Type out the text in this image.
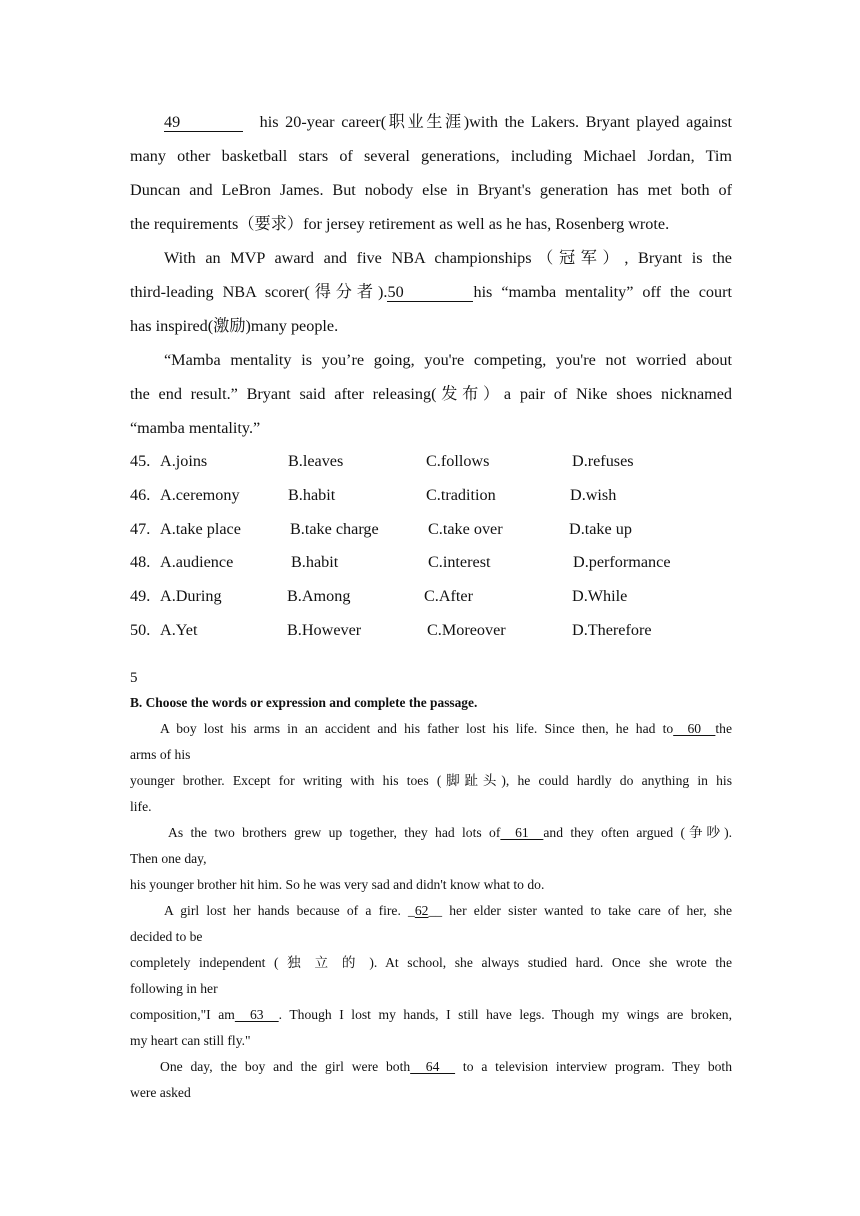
49	his 20-year career(职业生涯)with the Lakers. Bryant played against
many other basketball stars of several generations, including Michael Jordan, Tim
Duncan and LeBron James. But nobody else in Bryant's generation has met both of
the requirements（要求）for jersey retirement as well as he has, Rosenberg wrote.
With an MVP award and five NBA championships（冠军）, Bryant is the
third-leading NBA scorer(得分者).50	his “mamba mentality” off the court
has inspired(激励)many people.
“Mamba mentality is you’re going, you're competing, you're not worried about
the end result.” Bryant said after releasing(发布）a pair of Nike shoes nicknamed
“mamba mentality.”
45. A.joins	B.leaves	C.follows	D.refuses
46. A.ceremony	B.habit	C.tradition	D.wish
47. A.take place	B.take charge	C.take over	D.take up
48. A.audience	B.habit	C.interest	D.performance
49. A.During	B.Among	C.After	D.While
50. A.Yet	B.However	C.Moreover	D.Therefore
5
B. Choose the words or expression and complete the passage.
A boy lost his arms in an accident and his father lost his life. Since then, he had to  60  the
arms of his
younger brother. Except for writing with his toes (脚趾头), he could hardly do anything in his
life.
As the two brothers grew up together, they had lots of  61  and they often argued (争吵).
Then one day,
his younger brother hit him. So he was very sad and didn't know what to do.
A girl lost her hands because of a fire. _62__ her elder sister wanted to take care of her, she
decided to be
completely independent ( 独 立 的 ). At school, she always studied hard. Once she wrote the
following in her
composition,"I am  63  . Though I lost my hands, I still have legs. Though my wings are broken,
my heart can still fly."
One day, the boy and the girl were both  64   to a television interview program. They both
were asked
